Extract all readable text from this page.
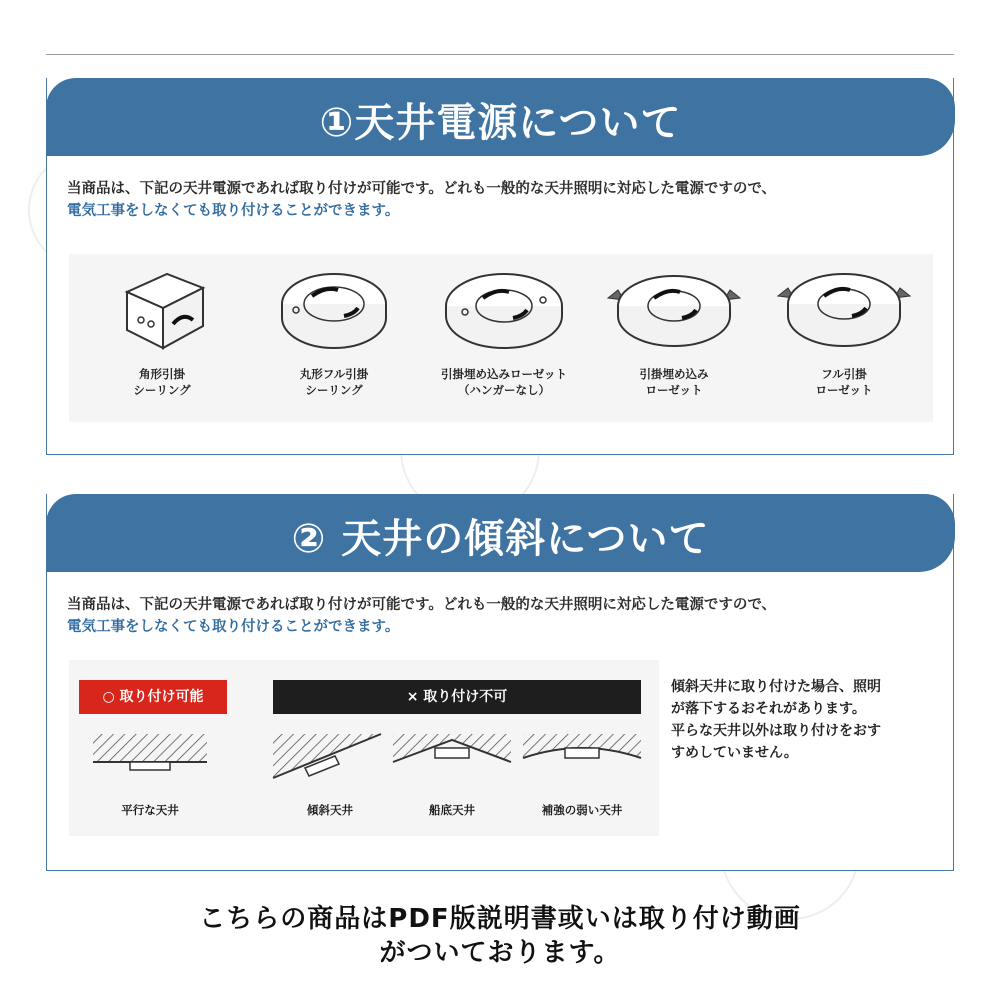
①天井電源について
当商品は、下記の天井電源であれば取り付けが可能です。どれも一般的な天井照明に対応した電源ですので、
電気工事をしなくても取り付けることができます。
角形引掛
シーリング
丸形フル引掛
シーリング
引掛埋め込みローゼット
（ハンガーなし）
引掛埋め込み
ローゼット
フル引掛
ローゼット
② 天井の傾斜について
当商品は、下記の天井電源であれば取り付けが可能です。どれも一般的な天井照明に対応した電源ですので、
電気工事をしなくても取り付けることができます。
○ 取り付け可能	× 取り付け不可
平行な天井	傾斜天井	船底天井	補強の弱い天井
傾斜天井に取り付けた場合、照明
が落下するおそれがあります。
平らな天井以外は取り付けをおす
すめしていません。
こちらの商品はPDF版説明書或いは取り付け動画
がついております。
